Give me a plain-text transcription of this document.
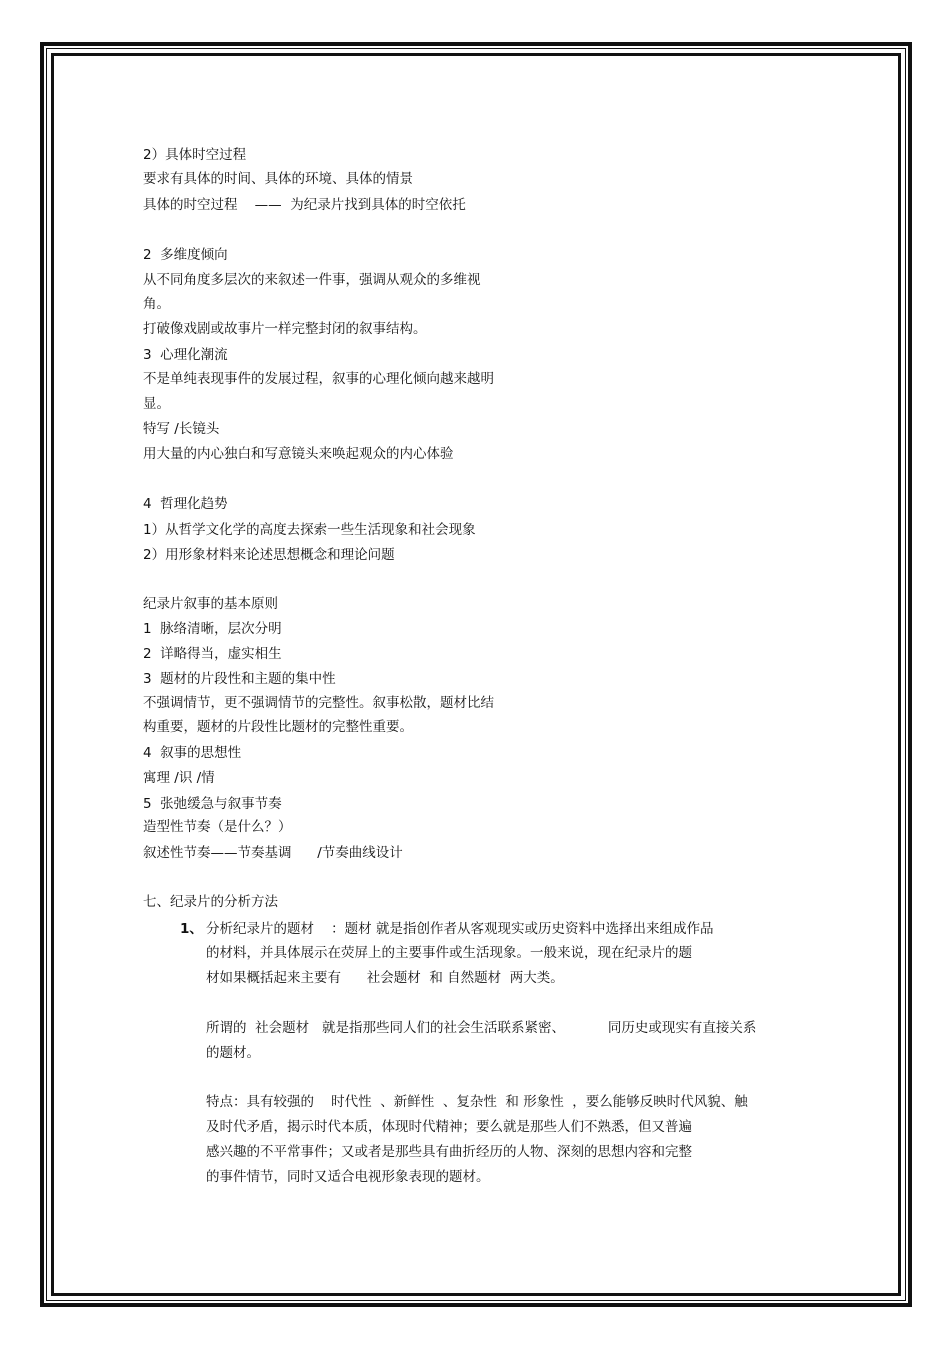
2）具体时空过程
要求有具体的时间、具体的环境、具体的情景
具体的时空过程    ——  为纪录片找到具体的时空依托
2  多维度倾向
从不同角度多层次的来叙述一件事，强调从观众的多维视
角。
打破像戏剧或故事片一样完整封闭的叙事结构。
3  心理化潮流
不是单纯表现事件的发展过程，叙事的心理化倾向越来越明
显。
特写 /长镜头
用大量的内心独白和写意镜头来唤起观众的内心体验
4  哲理化趋势
1）从哲学文化学的高度去探索一些生活现象和社会现象
2）用形象材料来论述思想概念和理论问题
纪录片叙事的基本原则
1  脉络清晰，层次分明
2  详略得当，虚实相生
3  题材的片段性和主题的集中性
不强调情节，更不强调情节的完整性。叙事松散，题材比结
构重要，题材的片段性比题材的完整性重要。
4  叙事的思想性
寓理 /识 /情
5  张弛缓急与叙事节奏
造型性节奏（是什么？）
叙述性节奏——节奏基调      /节奏曲线设计
七、纪录片的分析方法
1、 分析纪录片的题材    ：题材 就是指创作者从客观现实或历史资料中选择出来组成作品
的材料，并具体展示在荧屏上的主要事件或生活现象。一般来说，现在纪录片的题
材如果概括起来主要有      社会题材  和 自然题材  两大类。
所谓的  社会题材   就是指那些同人们的社会生活联系紧密、          同历史或现实有直接关系
的题材。
特点：具有较强的    时代性  、新鲜性  、复杂性  和 形象性  ，要么能够反映时代风貌、触
及时代矛盾，揭示时代本质，体现时代精神；要么就是那些人们不熟悉，但又普遍
感兴趣的不平常事件；又或者是那些具有曲折经历的人物、深刻的思想内容和完整
的事件情节，同时又适合电视形象表现的题材。
